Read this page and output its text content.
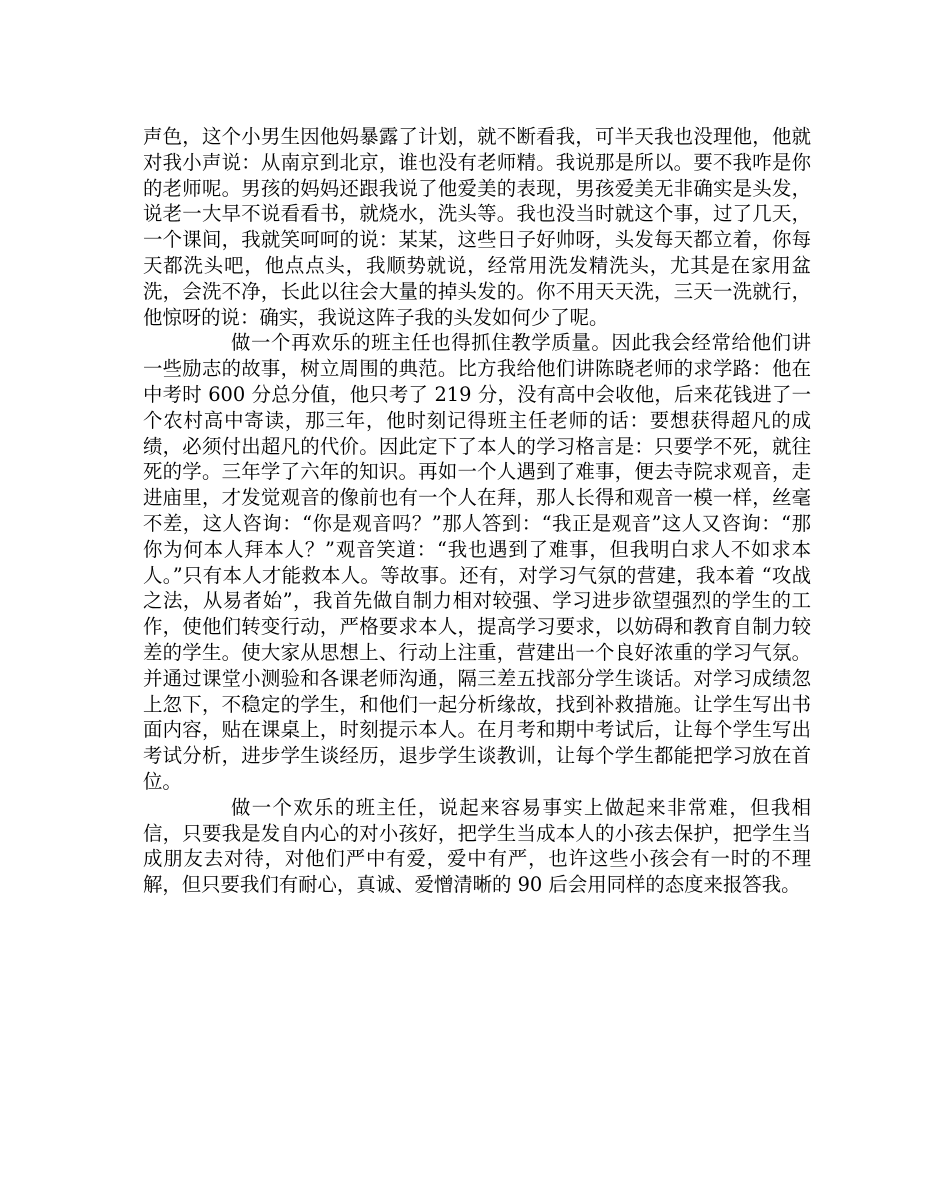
声色，这个小男生因他妈暴露了计划，就不断看我，可半天我也没理他，他就对我小声说：从南京到北京，谁也没有老师精。我说那是所以。要不我咋是你的老师呢。男孩的妈妈还跟我说了他爱美的表现，男孩爱美无非确实是头发，说老一大早不说看看书，就烧水，洗头等。我也没当时就这个事，过了几天，一个课间，我就笑呵呵的说：某某，这些日子好帅呀，头发每天都立着，你每天都洗头吧，他点点头，我顺势就说，经常用洗发精洗头，尤其是在家用盆洗，会洗不净，长此以往会大量的掉头发的。你不用天天洗，三天一洗就行，他惊呀的说：确实，我说这阵子我的头发如何少了呢。

做一个再欢乐的班主任也得抓住教学质量。因此我会经常给他们讲一些励志的故事，树立周围的典范。比方我给他们讲陈晓老师的求学路：他在中考时 600 分总分值，他只考了 219 分，没有高中会收他，后来花钱进了一个农村高中寄读，那三年，他时刻记得班主任老师的话：要想获得超凡的成绩，必须付出超凡的代价。因此定下了本人的学习格言是：只要学不死，就往死的学。三年学了六年的知识。再如一个人遇到了难事，便去寺院求观音，走进庙里，才发觉观音的像前也有一个人在拜，那人长得和观音一模一样，丝毫不差，这人咨询：“你是观音吗？”那人答到：“我正是观音”这人又咨询：“那你为何本人拜本人？”观音笑道：“我也遇到了难事，但我明白求人不如求本人。”只有本人才能救本人。等故事。还有，对学习气氛的营建，我本着 “攻战之法，从易者始”，我首先做自制力相对较强、学习进步欲望强烈的学生的工作，使他们转变行动，严格要求本人，提高学习要求，以妨碍和教育自制力较差的学生。使大家从思想上、行动上注重，营建出一个良好浓重的学习气氛。并通过课堂小测验和各课老师沟通，隔三差五找部分学生谈话。对学习成绩忽上忽下，不稳定的学生，和他们一起分析缘故，找到补救措施。让学生写出书面内容，贴在课桌上，时刻提示本人。在月考和期中考试后，让每个学生写出考试分析，进步学生谈经历，退步学生谈教训，让每个学生都能把学习放在首位。

做一个欢乐的班主任，说起来容易事实上做起来非常难，但我相信，只要我是发自内心的对小孩好，把学生当成本人的小孩去保护，把学生当成朋友去对待，对他们严中有爱，爱中有严，也许这些小孩会有一时的不理解，但只要我们有耐心，真诚、爱憎清晰的 90 后会用同样的态度来报答我。
